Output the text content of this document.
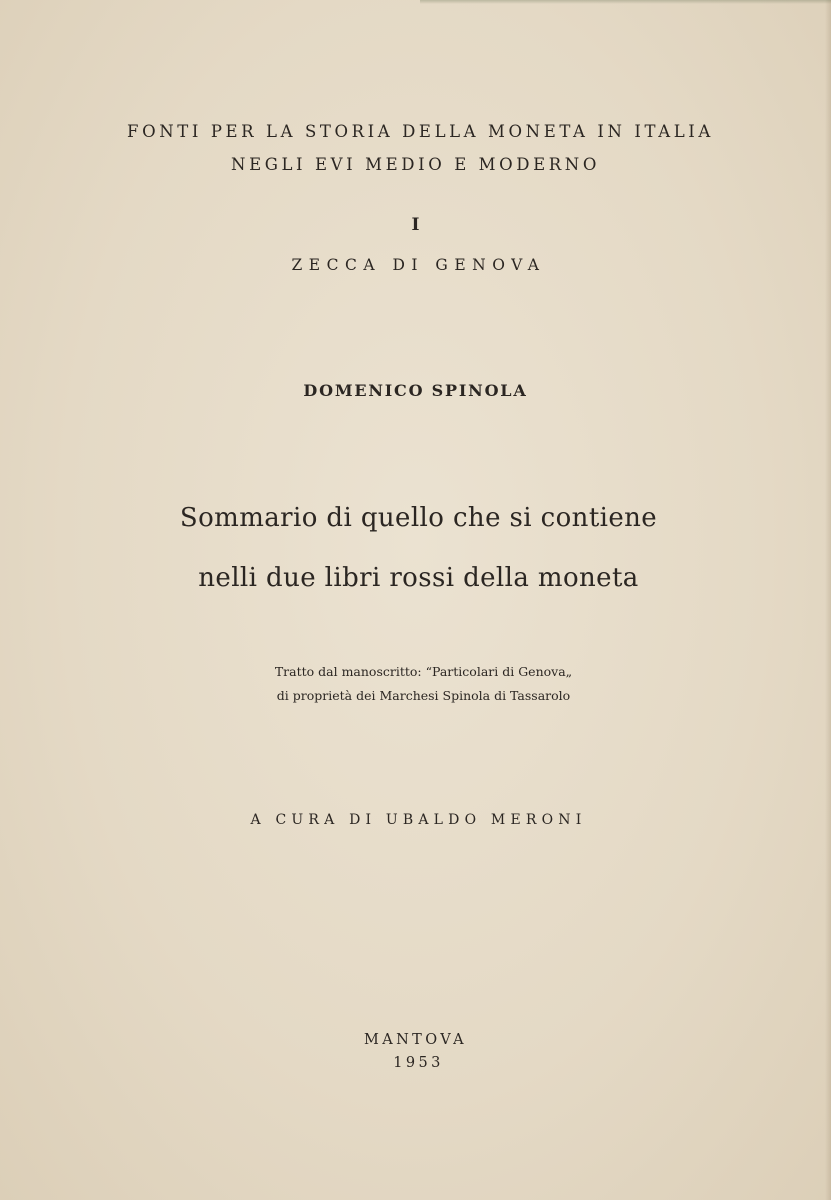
FONTI PER LA STORIA DELLA MONETA IN ITALIA
NEGLI EVI MEDIO E MODERNO
I
ZECCA DI GENOVA
DOMENICO SPINOLA
Sommario di quello che si contiene
nelli due libri rossi della moneta
Tratto dal manoscritto: “Particolari di Genova„
di proprietà dei Marchesi Spinola di Tassarolo
A CURA DI UBALDO MERONI
MANTOVA
1953
